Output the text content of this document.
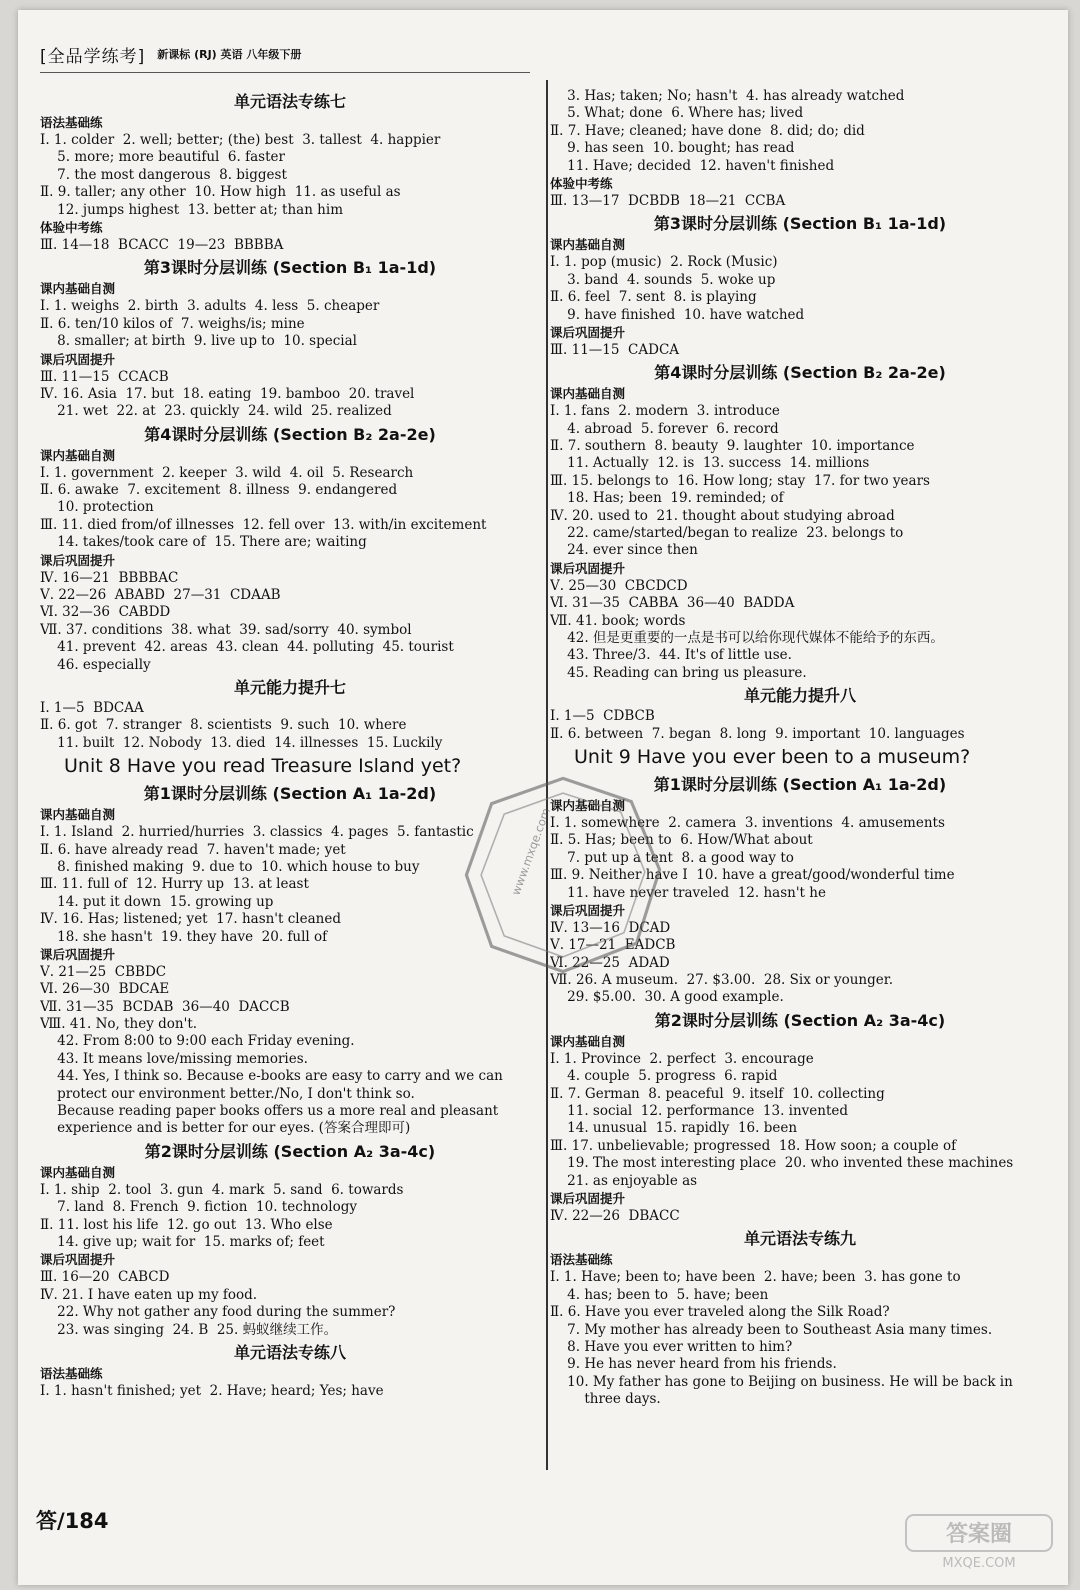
[全品学练考] 新课标 (RJ) 英语 八年级下册
单元语法专练七
语法基础练
Ⅰ. 1. colder  2. well; better; (the) best  3. tallest  4. happier
5. more; more beautiful  6. faster
7. the most dangerous  8. biggest
Ⅱ. 9. taller; any other  10. How high  11. as useful as
12. jumps highest  13. better at; than him
体验中考练
Ⅲ. 14—18  BCACC  19—23  BBBBA
第3课时分层训练 (Section B₁ 1a-1d)
课内基础自测
Ⅰ. 1. weighs  2. birth  3. adults  4. less  5. cheaper
Ⅱ. 6. ten/10 kilos of  7. weighs/is; mine
8. smaller; at birth  9. live up to  10. special
课后巩固提升
Ⅲ. 11—15  CCACB
Ⅳ. 16. Asia  17. but  18. eating  19. bamboo  20. travel
21. wet  22. at  23. quickly  24. wild  25. realized
第4课时分层训练 (Section B₂ 2a-2e)
课内基础自测
Ⅰ. 1. government  2. keeper  3. wild  4. oil  5. Research
Ⅱ. 6. awake  7. excitement  8. illness  9. endangered
10. protection
Ⅲ. 11. died from/of illnesses  12. fell over  13. with/in excitement
14. takes/took care of  15. There are; waiting
课后巩固提升
Ⅳ. 16—21  BBBBAC
Ⅴ. 22—26  ABABD  27—31  CDAAB
Ⅵ. 32—36  CABDD
Ⅶ. 37. conditions  38. what  39. sad/sorry  40. symbol
41. prevent  42. areas  43. clean  44. polluting  45. tourist
46. especially
单元能力提升七
Ⅰ. 1—5  BDCAA
Ⅱ. 6. got  7. stranger  8. scientists  9. such  10. where
11. built  12. Nobody  13. died  14. illnesses  15. Luckily
Unit 8 Have you read Treasure Island yet?
第1课时分层训练 (Section A₁ 1a-2d)
课内基础自测
Ⅰ. 1. Island  2. hurried/hurries  3. classics  4. pages  5. fantastic
Ⅱ. 6. have already read  7. haven't made; yet
8. finished making  9. due to  10. which house to buy
Ⅲ. 11. full of  12. Hurry up  13. at least
14. put it down  15. growing up
Ⅳ. 16. Has; listened; yet  17. hasn't cleaned
18. she hasn't  19. they have  20. full of
课后巩固提升
Ⅴ. 21—25  CBBDC
Ⅵ. 26—30  BDCAE
Ⅶ. 31—35  BCDAB  36—40  DACCB
Ⅷ. 41. No, they don't.
42. From 8:00 to 9:00 each Friday evening.
43. It means love/missing memories.
44. Yes, I think so. Because e-books are easy to carry and we can
protect our environment better./No, I don't think so.
Because reading paper books offers us a more real and pleasant
experience and is better for our eyes. (答案合理即可)
第2课时分层训练 (Section A₂ 3a-4c)
课内基础自测
Ⅰ. 1. ship  2. tool  3. gun  4. mark  5. sand  6. towards
7. land  8. French  9. fiction  10. technology
Ⅱ. 11. lost his life  12. go out  13. Who else
14. give up; wait for  15. marks of; feet
课后巩固提升
Ⅲ. 16—20  CABCD
Ⅳ. 21. I have eaten up my food.
22. Why not gather any food during the summer?
23. was singing  24. B  25. 蚂蚁继续工作。
单元语法专练八
语法基础练
Ⅰ. 1. hasn't finished; yet  2. Have; heard; Yes; have
3. Has; taken; No; hasn't  4. has already watched
5. What; done  6. Where has; lived
Ⅱ. 7. Have; cleaned; have done  8. did; do; did
9. has seen  10. bought; has read
11. Have; decided  12. haven't finished
体验中考练
Ⅲ. 13—17  DCBDB  18—21  CCBA
第3课时分层训练 (Section B₁ 1a-1d)
课内基础自测
Ⅰ. 1. pop (music)  2. Rock (Music)
3. band  4. sounds  5. woke up
Ⅱ. 6. feel  7. sent  8. is playing
9. have finished  10. have watched
课后巩固提升
Ⅲ. 11—15  CADCA
第4课时分层训练 (Section B₂ 2a-2e)
课内基础自测
Ⅰ. 1. fans  2. modern  3. introduce
4. abroad  5. forever  6. record
Ⅱ. 7. southern  8. beauty  9. laughter  10. importance
11. Actually  12. is  13. success  14. millions
Ⅲ. 15. belongs to  16. How long; stay  17. for two years
18. Has; been  19. reminded; of
Ⅳ. 20. used to  21. thought about studying abroad
22. came/started/began to realize  23. belongs to
24. ever since then
课后巩固提升
Ⅴ. 25—30  CBCDCD
Ⅵ. 31—35  CABBA  36—40  BADDA
Ⅶ. 41. book; words
42. 但是更重要的一点是书可以给你现代媒体不能给予的东西。
43. Three/3.  44. It's of little use.
45. Reading can bring us pleasure.
单元能力提升八
Ⅰ. 1—5  CDBCB
Ⅱ. 6. between  7. began  8. long  9. important  10. languages
Unit 9 Have you ever been to a museum?
第1课时分层训练 (Section A₁ 1a-2d)
课内基础自测
Ⅰ. 1. somewhere  2. camera  3. inventions  4. amusements
Ⅱ. 5. Has; been to  6. How/What about
7. put up a tent  8. a good way to
Ⅲ. 9. Neither have I  10. have a great/good/wonderful time
11. have never traveled  12. hasn't he
课后巩固提升
Ⅳ. 13—16  DCAD
Ⅴ. 17—21  EADCB
Ⅵ. 22—25  ADAD
Ⅶ. 26. A museum.  27. $3.00.  28. Six or younger.
29. $5.00.  30. A good example.
第2课时分层训练 (Section A₂ 3a-4c)
课内基础自测
Ⅰ. 1. Province  2. perfect  3. encourage
4. couple  5. progress  6. rapid
Ⅱ. 7. German  8. peaceful  9. itself  10. collecting
11. social  12. performance  13. invented
14. unusual  15. rapidly  16. been
Ⅲ. 17. unbelievable; progressed  18. How soon; a couple of
19. The most interesting place  20. who invented these machines
21. as enjoyable as
课后巩固提升
Ⅳ. 22—26  DBACC
单元语法专练九
语法基础练
Ⅰ. 1. Have; been to; have been  2. have; been  3. has gone to
4. has; been to  5. have; been
Ⅱ. 6. Have you ever traveled along the Silk Road?
7. My mother has already been to Southeast Asia many times.
8. Have you ever written to him?
9. He has never heard from his friends.
10. My father has gone to Beijing on business. He will be back in
three days.
www.mxqe.com
答/184
答案圈
MXQE.COM
